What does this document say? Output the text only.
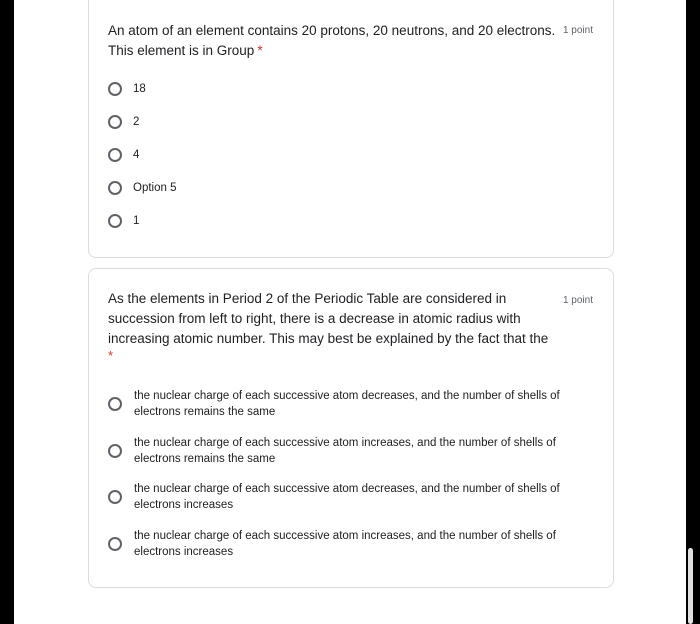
An atom of an element contains 20 protons, 20 neutrons, and 20 electrons.
This element is in Group *
1 point
18
2
4
Option 5
1
As the elements in Period 2 of the Periodic Table are considered in succession from left to right, there is a decrease in atomic radius with increasing atomic number. This may best be explained by the fact that the
*
1 point
the nuclear charge of each successive atom decreases, and the number of shells of electrons remains the same
the nuclear charge of each successive atom increases, and the number of shells of electrons remains the same
the nuclear charge of each successive atom decreases, and the number of shells of electrons increases
the nuclear charge of each successive atom increases, and the number of shells of electrons increases
